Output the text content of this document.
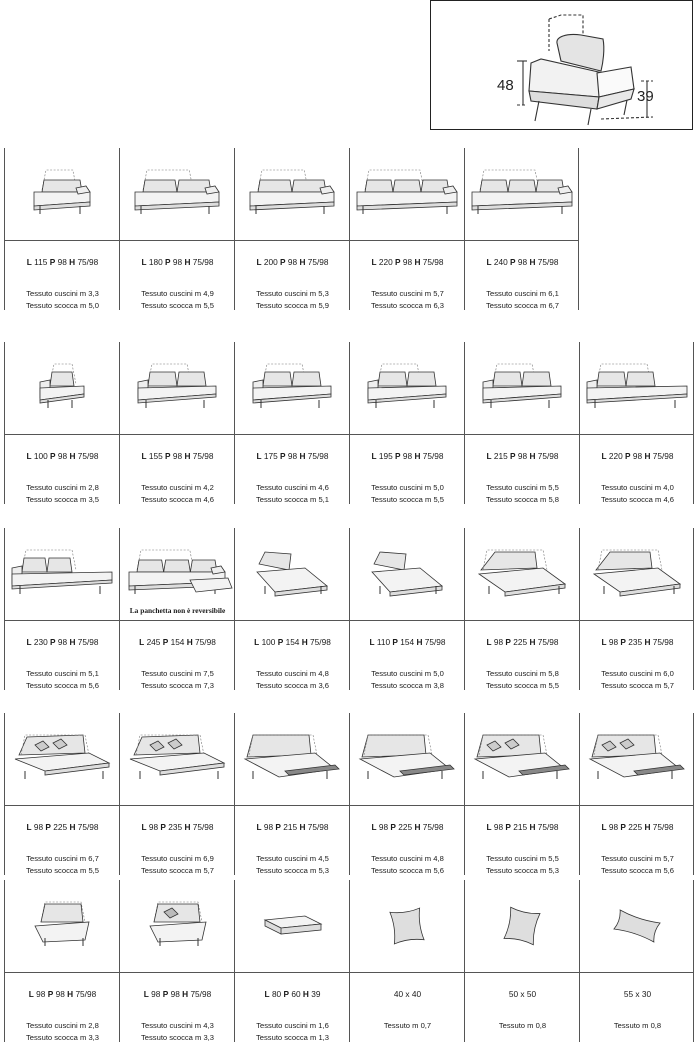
48
39
L 115 P 98 H 75/98
Tessuto cuscini m 3,3
Tessuto scocca m 5,0
L 180 P 98 H 75/98
Tessuto cuscini m 4,9
Tessuto scocca m 5,5
L 200 P 98 H 75/98
Tessuto cuscini m 5,3
Tessuto scocca m 5,9
L 220 P 98 H 75/98
Tessuto cuscini m 5,7
Tessuto scocca m 6,3
L 240 P 98 H 75/98
Tessuto cuscini m 6,1
Tessuto scocca m 6,7
L 100 P 98 H 75/98
Tessuto cuscini m 2,8
Tessuto scocca m 3,5
L 155 P 98 H 75/98
Tessuto cuscini m 4,2
Tessuto scocca m 4,6
L 175 P 98 H 75/98
Tessuto cuscini m 4,6
Tessuto scocca m 5,1
L 195 P 98 H 75/98
Tessuto cuscini m 5,0
Tessuto scocca m 5,5
L 215 P 98 H 75/98
Tessuto cuscini m 5,5
Tessuto scocca m 5,8
L 220 P 98 H 75/98
Tessuto cuscini m 4,0
Tessuto scocca m 4,6
L 230 P 98 H 75/98
Tessuto cuscini m 5,1
Tessuto scocca m 5,6
La panchetta non è reversibile
L 245 P 154 H 75/98
Tessuto cuscini m 7,5
Tessuto scocca m 7,3
L 100 P 154 H 75/98
Tessuto cuscini m 4,8
Tessuto scocca m 3,6
L 110 P 154 H 75/98
Tessuto cuscini m 5,0
Tessuto scocca m 3,8
L 98 P 225 H 75/98
Tessuto cuscini m 5,8
Tessuto scocca m 5,5
L 98 P 235 H 75/98
Tessuto cuscini m 6,0
Tessuto scocca m 5,7
L 98 P 225 H 75/98
Tessuto cuscini m 6,7
Tessuto scocca m 5,5
L 98 P 235 H 75/98
Tessuto cuscini m 6,9
Tessuto scocca m 5,7
L 98 P 215 H 75/98
Tessuto cuscini m 4,5
Tessuto scocca m 5,3
L 98 P 225 H 75/98
Tessuto cuscini m 4,8
Tessuto scocca m 5,6
L 98 P 215 H 75/98
Tessuto cuscini m 5,5
Tessuto scocca m 5,3
L 98 P 225 H 75/98
Tessuto cuscini m 5,7
Tessuto scocca m 5,6
L 98 P 98 H 75/98
Tessuto cuscini m 2,8
Tessuto scocca m 3,3
L 98 P 98 H 75/98
Tessuto cuscini m 4,3
Tessuto scocca m 3,3
L 80 P 60 H 39
Tessuto cuscini m 1,6
Tessuto scocca m 1,3
40 x 40
Tessuto m 0,7
50 x 50
Tessuto m 0,8
55 x 30
Tessuto m 0,8
